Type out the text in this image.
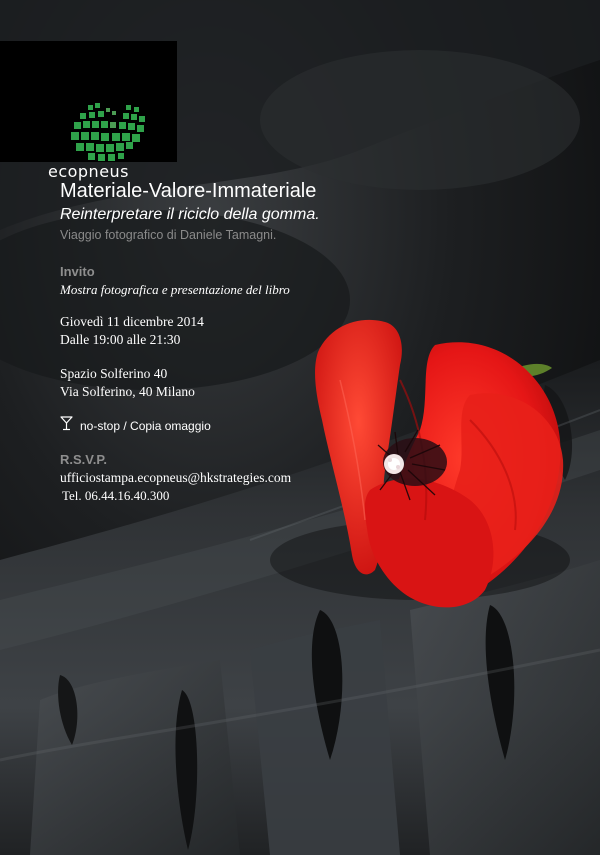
ecopneus
Materiale-Valore-Immateriale
Reinterpretare il riciclo della gomma.
Viaggio fotografico di Daniele Tamagni.
Invito
Mostra fotografica e presentazione del libro
Giovedì 11 dicembre 2014
Dalle 19:00 alle 21:30
Spazio Solferino 40
Via Solferino, 40 Milano
no-stop / Copia omaggio
R.S.V.P.
ufficiostampa.ecopneus@hkstrategies.com
Tel. 06.44.16.40.300
